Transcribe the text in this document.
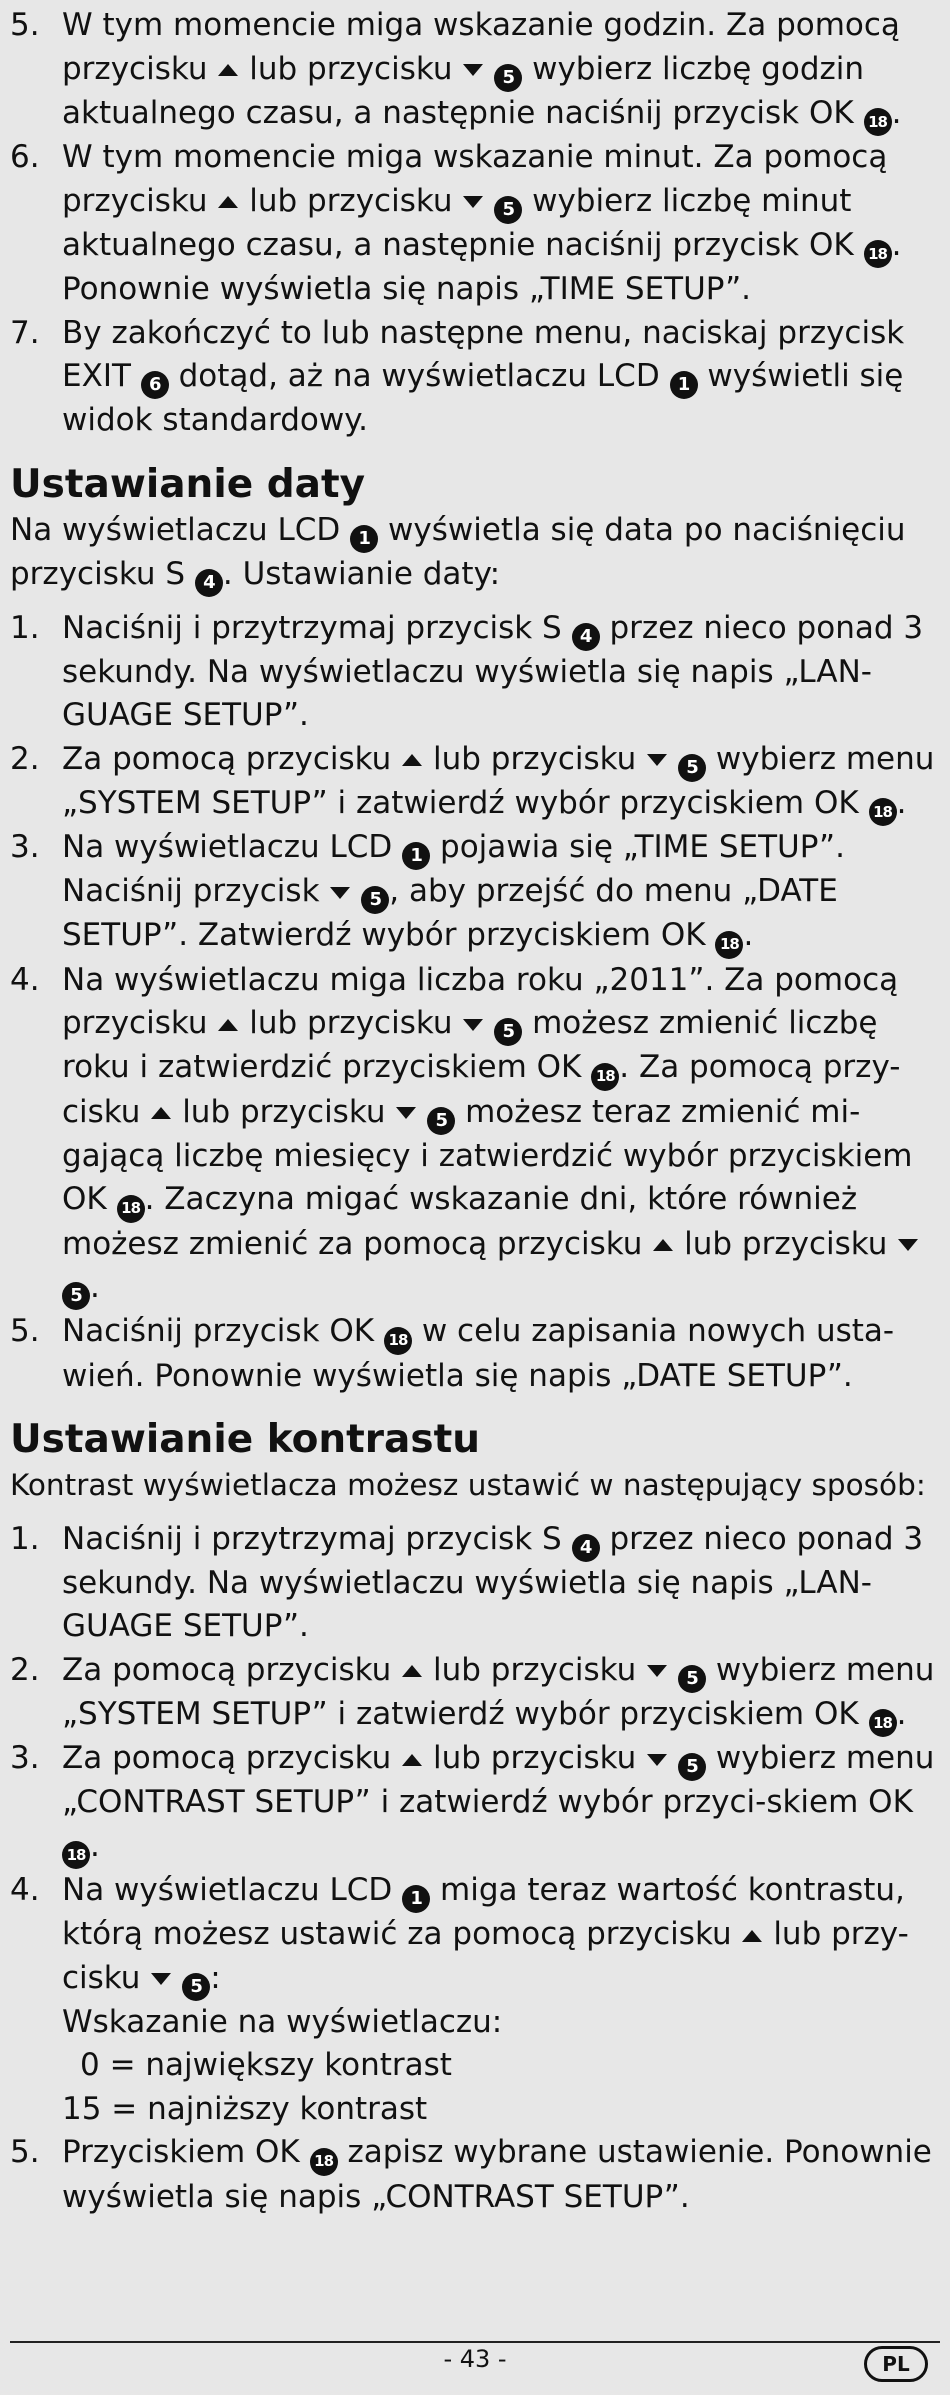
5. W tym momencie miga wskazanie godzin. Za pomocą przycisku lub przycisku	5 wybierz liczbę godzin aktualnego czasu, a następnie naciśnij przycisk OK 18 .
6. W tym momencie miga wskazanie minut. Za pomocą przycisku lub przycisku	5 wybierz liczbę minut aktualnego czasu, a następnie naciśnij przycisk OK 18 . Ponownie wyświetla się napis „TIME SETUP”.
7. By zakończyć to lub następne menu, naciskaj przycisk EXIT 6 dotąd, aż na wyświetlaczu LCD 1 wyświetli się widok standardowy.
Ustawianie daty

Na wyświetlaczu LCD 1 wyświetla się data po naciśnięciu przycisku S 4 . Ustawianie daty:

1. Naciśnij i przytrzymaj przycisk S 4 przez nieco ponad 3 sekundy. Na wyświetlaczu wyświetla się napis „LAN-GUAGE SETUP”.
2. Za pomocą przycisku lub przycisku	5 wybierz menu „SYSTEM SETUP” i zatwierdź wybór przyciskiem OK 18 .
3. Na wyświetlaczu LCD 1 pojawia się „TIME SETUP”. Naciśnij przycisk	5 , aby przejść do menu „DATE SETUP”. Zatwierdź wybór przyciskiem OK 18 .
4. Na wyświetlaczu miga liczba roku „2011”. Za pomocą przycisku lub przycisku	5 możesz zmienić liczbę roku i zatwierdzić przyciskiem OK 18 . Za pomocą przy-cisku lub przycisku	5 możesz teraz zmienić mi-gającą liczbę miesięcy i zatwierdzić wybór przyciskiem OK 18 . Zaczyna migać wskazanie dni, które również możesz zmienić za pomocą przycisku lub przycisku  5 .
5. Naciśnij przycisk OK 18 w celu zapisania nowych usta-wień. Ponownie wyświetla się napis „DATE SETUP”.
Ustawianie kontrastu

Kontrast wyświetlacza możesz ustawić w następujący sposób:

1. Naciśnij i przytrzymaj przycisk S 4 przez nieco ponad 3 sekundy. Na wyświetlaczu wyświetla się napis „LAN-GUAGE SETUP”.
2. Za pomocą przycisku lub przycisku	5 wybierz menu „SYSTEM SETUP” i zatwierdź wybór przyciskiem OK 18 .
3. Za pomocą przycisku lub przycisku	5 wybierz menu „CONTRAST SETUP” i zatwierdź wybór przyci-skiem OK 18 .
4. Na wyświetlaczu LCD 1 miga teraz wartość kontrastu, którą możesz ustawić za pomocą przycisku lub przy-cisku	5 :
Wskazanie na wyświetlaczu:
0 = największy kontrast
15 = najniższy kontrast
5. Przyciskiem OK 18 zapisz wybrane ustawienie. Ponownie wyświetla się napis „CONTRAST SETUP”.
- 43 -	PL
